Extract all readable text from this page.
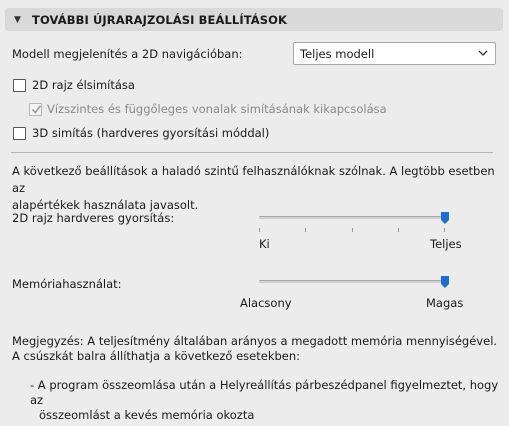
▼ TOVÁBBI ÚJRARAJZOLÁSI BEÁLLÍTÁSOK
Modell megjelenítés a 2D navigációban:	Teljes modell
2D rajz élsimítása
Vízszintes és függőleges vonalak simításának kikapcsolása
3D simítás (hardveres gyorsítási móddal)
A következő beállítások a haladó szintű felhasználóknak szólnak. A legtöbb esetben az
alapértékek használata javasolt.
2D rajz hardveres gyorsítás:
Ki	Teljes
Memóriahasználat:
Alacsony	Magas
Megjegyzés: A teljesítmény általában arányos a megadott memória mennyiségével.
A csúszkát balra állíthatja a következő esetekben:
- A program összeomlása után a Helyreállítás párbeszédpanel figyelmeztet, hogy az
összeomlást a kevés memória okozta
